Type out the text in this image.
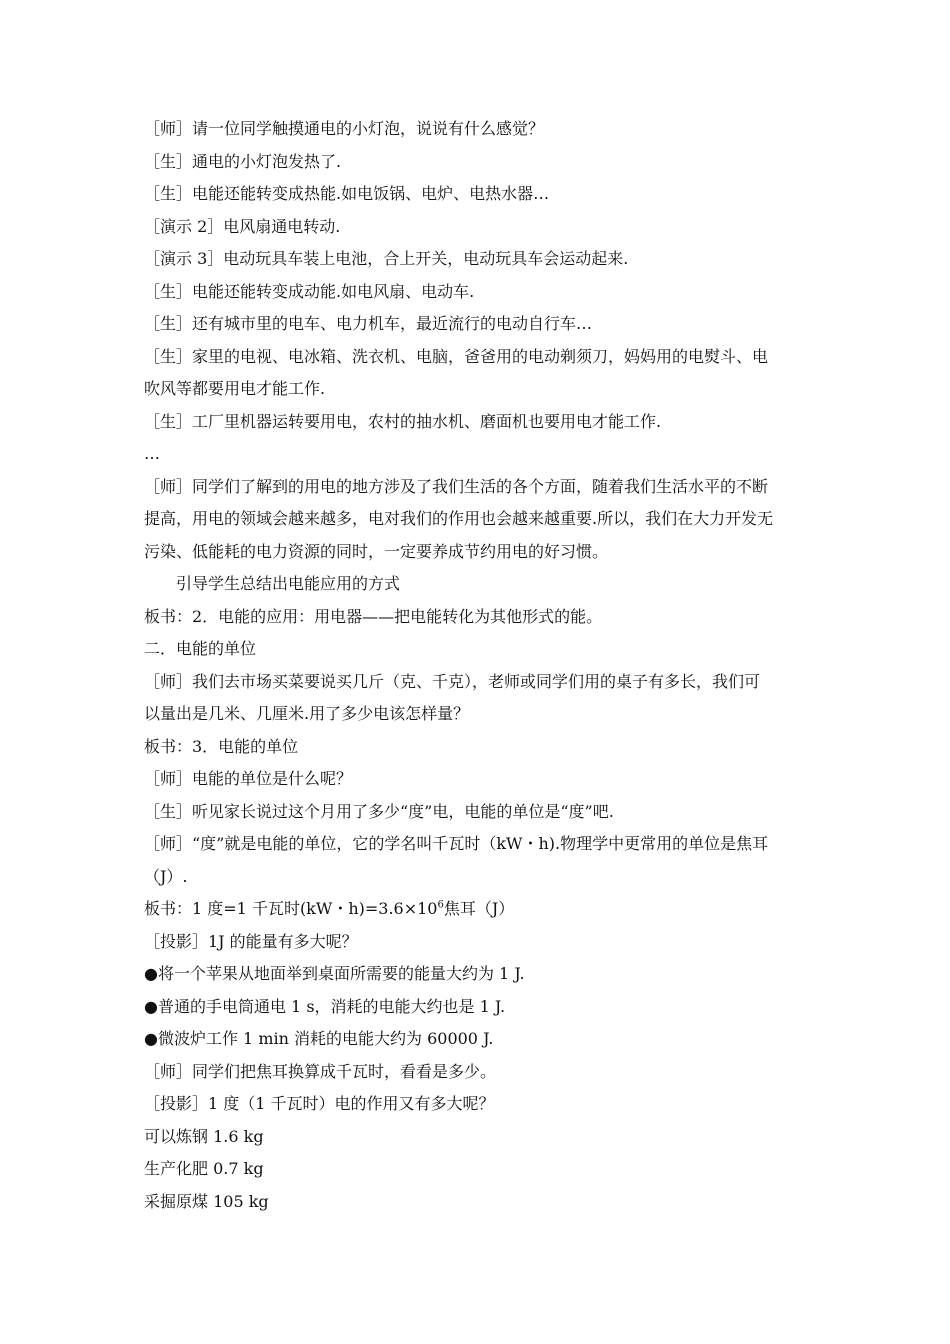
［师］请一位同学触摸通电的小灯泡，说说有什么感觉？

［生］通电的小灯泡发热了.

［生］电能还能转变成热能.如电饭锅、电炉、电热水器…

［演示 2］电风扇通电转动.

［演示 3］电动玩具车装上电池，合上开关，电动玩具车会运动起来.

［生］电能还能转变成动能.如电风扇、电动车.

［生］还有城市里的电车、电力机车，最近流行的电动自行车…

［生］家里的电视、电冰箱、洗衣机、电脑，爸爸用的电动剃须刀，妈妈用的电熨斗、电

吹风等都要用电才能工作.

［生］工厂里机器运转要用电，农村的抽水机、磨面机也要用电才能工作.

…

［师］同学们了解到的用电的地方涉及了我们生活的各个方面，随着我们生活水平的不断

提高，用电的领域会越来越多，电对我们的作用也会越来越重要.所以，我们在大力开发无

污染、低能耗的电力资源的同时，一定要养成节约用电的好习惯。

引导学生总结出电能应用的方式

板书：2．电能的应用：用电器——把电能转化为其他形式的能。

二．电能的单位

［师］我们去市场买菜要说买几斤（克、千克），老师或同学们用的桌子有多长，我们可

以量出是几米、几厘米.用了多少电该怎样量？

板书：3．电能的单位

［师］电能的单位是什么呢？

［生］听见家长说过这个月用了多少“度”电，电能的单位是“度”吧.

［师］“度”就是电能的单位，它的学名叫千瓦时（kW・h).物理学中更常用的单位是焦耳

（J）.

板书：1 度=1 千瓦时(kW・$h)=3.6\times 10^6$焦耳（J）

［投影］1J 的能量有多大呢？

●将一个苹果从地面举到桌面所需要的能量大约为 1 J.

●普通的手电筒通电 1 s，消耗的电能大约也是 1 J.

●微波炉工作 1 min 消耗的电能大约为 60000 J.

［师］同学们把焦耳换算成千瓦时，看看是多少。

［投影］1 度（1 千瓦时）电的作用又有多大呢？

可以炼钢 1.6 kg

生产化肥 0.7 kg

采掘原煤 105 kg
